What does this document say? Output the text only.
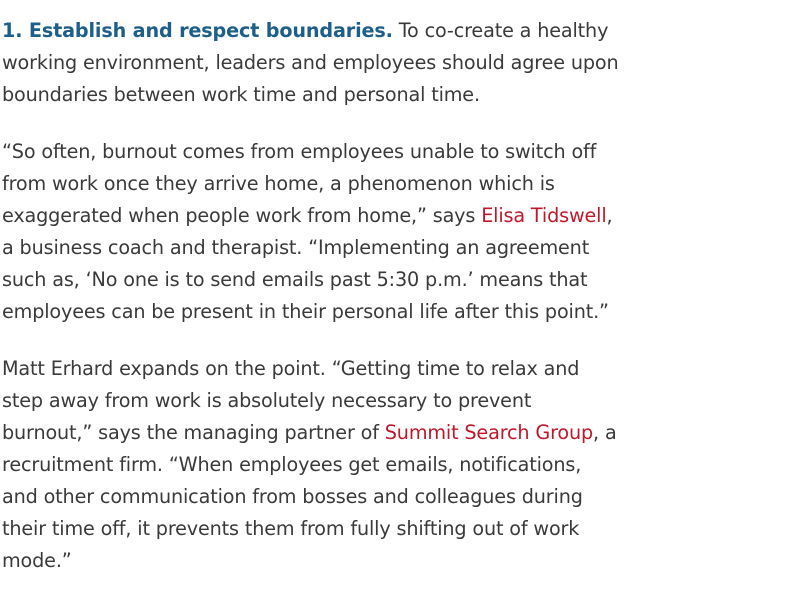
1. Establish and respect boundaries. To co-create a healthy working environment, leaders and employees should agree upon boundaries between work time and personal time.

“So often, burnout comes from employees unable to switch off from work once they arrive home, a phenomenon which is exaggerated when people work from home,” says Elisa Tidswell, a business coach and therapist. “Implementing an agreement such as, ‘No one is to send emails past 5:30 p.m.’ means that employees can be present in their personal life after this point.”

Matt Erhard expands on the point. “Getting time to relax and step away from work is absolutely necessary to prevent burnout,” says the managing partner of Summit Search Group, a recruitment firm. “When employees get emails, notifications, and other communication from bosses and colleagues during their time off, it prevents them from fully shifting out of work mode.”
